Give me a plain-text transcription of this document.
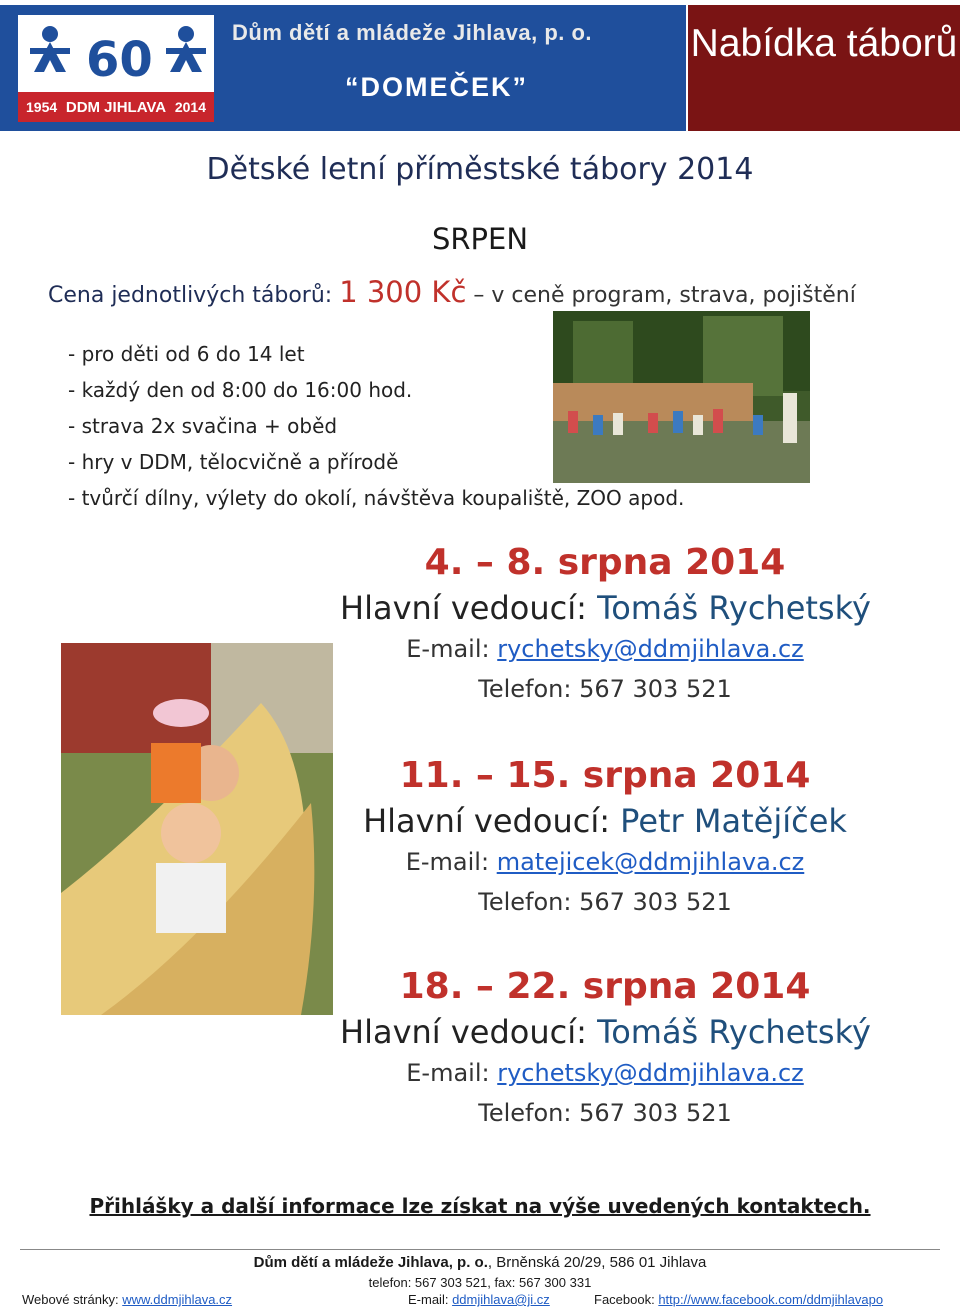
60
1954 DDM JIHLAVA 2014
Dům dětí a mládeže Jihlava, p. o.
“DOMEČEK”
Nabídka táborů
Dětské letní příměstské tábory 2014
SRPEN
Cena jednotlivých táborů: 1 300 Kč – v ceně program, strava, pojištění
- pro děti od 6 do 14 let
- každý den od 8:00 do 16:00 hod.
- strava 2x svačina + oběd
- hry v DDM, tělocvičně a přírodě
- tvůrčí dílny, výlety do okolí, návštěva koupaliště, ZOO apod.
4. – 8. srpna 2014
Hlavní vedoucí: Tomáš Rychetský
E-mail: rychetsky@ddmjihlava.cz
Telefon: 567 303 521
11. – 15. srpna 2014
Hlavní vedoucí: Petr Matějíček
E-mail: matejicek@ddmjihlava.cz
Telefon: 567 303 521
18. – 22. srpna 2014
Hlavní vedoucí: Tomáš Rychetský
E-mail: rychetsky@ddmjihlava.cz
Telefon: 567 303 521
Přihlášky a další informace lze získat na výše uvedených kontaktech.
Dům dětí a mládeže Jihlava, p. o., Brněnská 20/29, 586 01 Jihlava
telefon: 567 303 521, fax: 567 300 331
Webové stránky: www.ddmjihlava.cz	E-mail: ddmjihlava@ji.cz	Facebook: http://www.facebook.com/ddmjihlavapo
